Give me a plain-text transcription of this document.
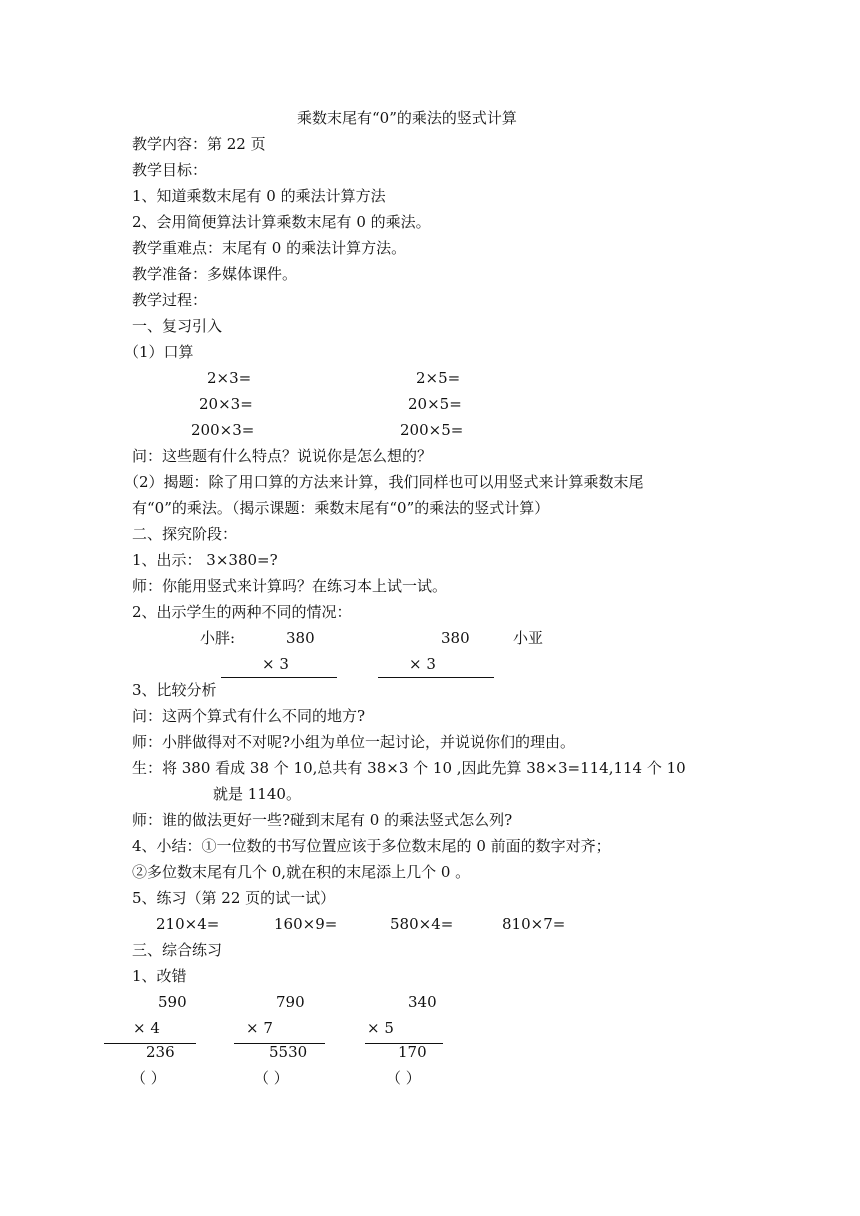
乘数末尾有“0”的乘法的竖式计算
教学内容：第 22 页
教学目标：
1、知道乘数末尾有 0 的乘法计算方法
2、会用简便算法计算乘数末尾有 0 的乘法。
教学重难点：末尾有 0 的乘法计算方法。
教学准备：多媒体课件。
教学过程：
一、复习引入
（1）口算
2×3=	2×5=
20×3=	20×5=
200×3=	200×5=
问：这些题有什么特点？说说你是怎么想的？
（2）揭题：除了用口算的方法来计算，我们同样也可以用竖式来计算乘数末尾
有“0”的乘法。（揭示课题：乘数末尾有“0”的乘法的竖式计算）
二、探究阶段：
1、出示： 3×380=?
师：你能用竖式来计算吗？在练习本上试一试。
2、出示学生的两种不同的情况：
小胖:	380	380	小亚
× 3	× 3
3、比较分析
问：这两个算式有什么不同的地方?
师：小胖做得对不对呢?小组为单位一起讨论，并说说你们的理由。
生：将 380 看成 38 个 10,总共有 38×3 个 10 ,因此先算 38×3=114,114 个 10
就是 1140。
师：谁的做法更好一些?碰到末尾有 0 的乘法竖式怎么列?
4、小结：①一位数的书写位置应该于多位数末尾的 0 前面的数字对齐；
②多位数末尾有几个 0,就在积的末尾添上几个 0 。
5、练习（第 22 页的试一试）
210×4=	160×9=	580×4=	810×7=
三、综合练习
1、改错
590	790	340
× 4	× 7	× 5
236	5530	170
（ ）	（ ）	（ ）
